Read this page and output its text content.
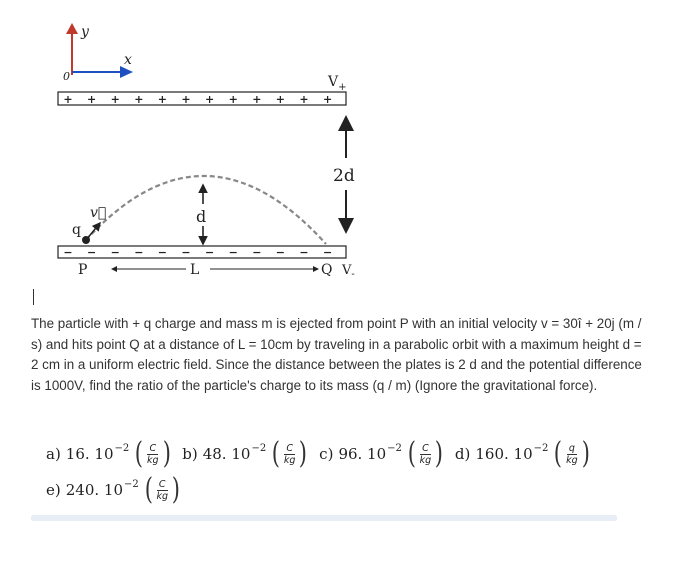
y
x
0
+ + + + + + + + + + + +
$V_+$
2d
d
q
v⃗
− − − − − − − − − − − −
P	L	Q $V_-$
The particle with + q charge and mass m is ejected from point P with an initial velocity v = 30î + 20j (m / s) and hits point Q at a distance of L = 10cm by traveling in a parabolic orbit with a maximum height d = 2 cm in a uniform electric field. Since the distance between the plates is 2 d and the potential difference is 1000V, find the ratio of the particle's charge to its mass (q / m) (Ignore the gravitational force).
a) 16. $10^{-2}$ ( $\frac{C}{kg}$ ) b) 48. $10^{-2}$ ( $\frac{C}{kg}$ ) c) 96. $10^{-2}$ ( $\frac{C}{kg}$ ) d) 160. $10^{-2}$ ( $\frac{q}{kg}$ )
e) 240. $10^{-2}$ ( $\frac{C}{kg}$ )
